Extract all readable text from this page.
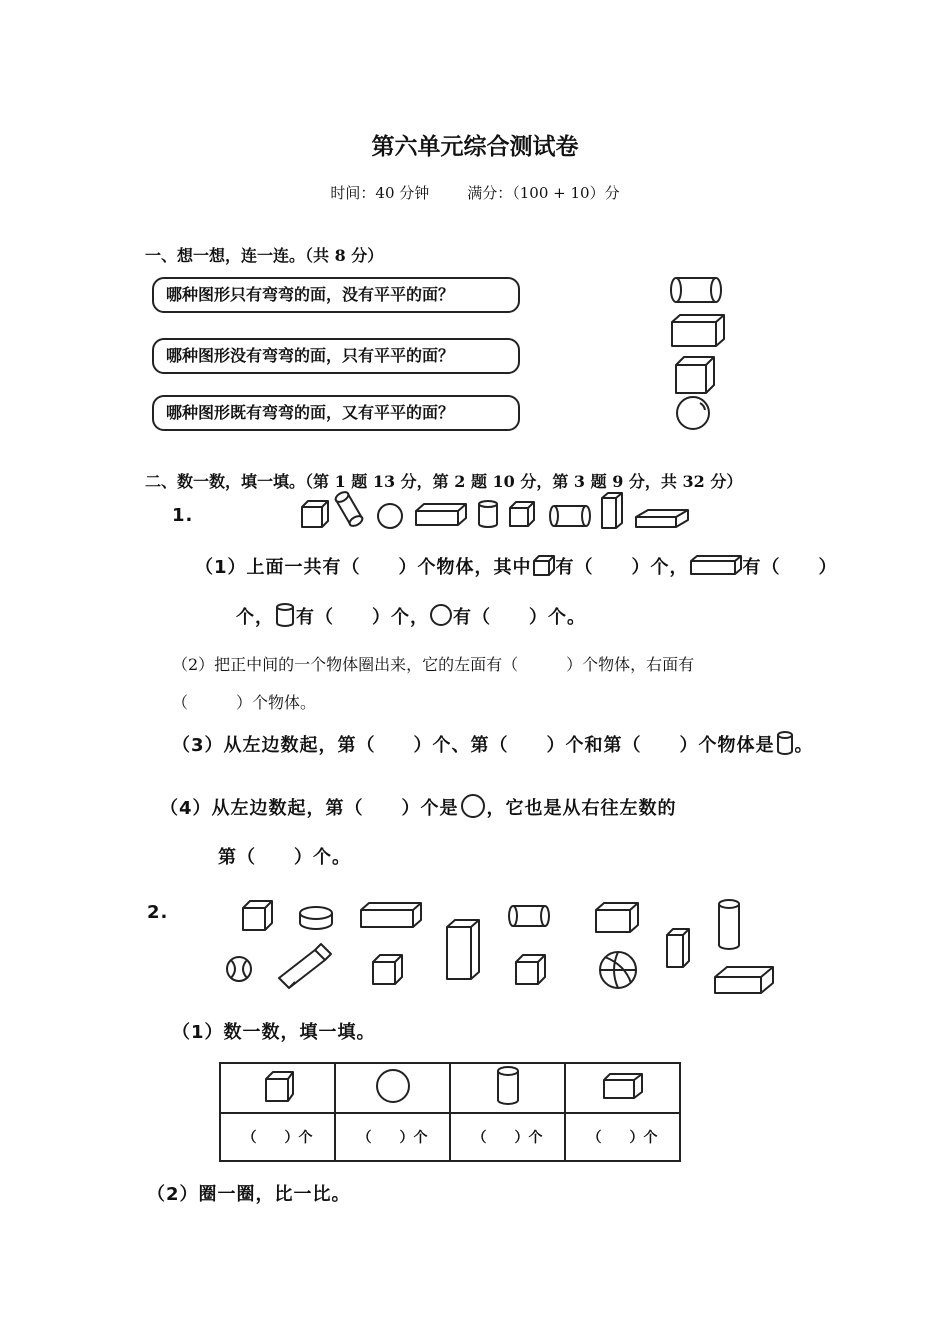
第六单元综合测试卷
时间：40 分钟	满分：（100 + 10）分
一、想一想，连一连。（共 8 分）
哪种图形只有弯弯的面，没有平平的面？
哪种图形没有弯弯的面，只有平平的面？
哪种图形既有弯弯的面，又有平平的面？
二、数一数，填一填。（第 1 题 13 分，第 2 题 10 分，第 3 题 9 分，共 32 分）
1.
（1）上面一共有（　　）个物体，其中 有（　　）个，	有（　　）
个， 有（　　）个， 有（　　）个。
（2）把正中间的一个物体圈出来，它的左面有（　　　）个物体，右面有
（　　　）个物体。
（3）从左边数起，第（　　）个、第（　　）个和第（　　）个物体是 。
（4）从左边数起，第（　　）个是 ，它也是从右往左数的
第（　　）个。
2.
（1）数一数，填一填。

（　　）个	（　　）个	（　　）个	（　　）个
（2）圈一圈，比一比。
